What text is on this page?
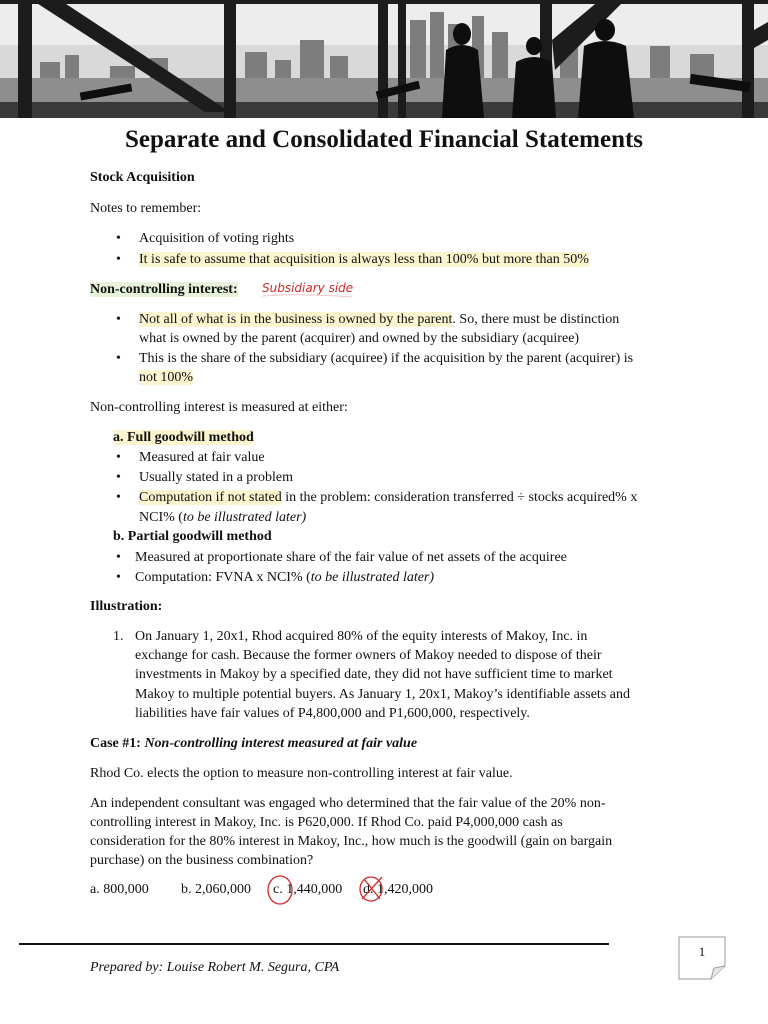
Separate and Consolidated Financial Statements
Stock Acquisition
Notes to remember:
• Acquisition of voting rights
• It is safe to assume that acquisition is always less than 100% but more than 50%
Non-controlling interest: Subsidiary side
• Not all of what is in the business is owned by the parent. So, there must be distinction
what is owned by the parent (acquirer) and owned by the subsidiary (acquiree)
• This is the share of the subsidiary (acquiree) if the acquisition by the parent (acquirer) is
not 100%
Non-controlling interest is measured at either:
a. Full goodwill method
• Measured at fair value
• Usually stated in a problem
• Computation if not stated in the problem: consideration transferred ÷ stocks acquired% x
NCI% (to be illustrated later)
b. Partial goodwill method
• Measured at proportionate share of the fair value of net assets of the acquiree
• Computation: FVNA x NCI% (to be illustrated later)
Illustration:
1. On January 1, 20x1, Rhod acquired 80% of the equity interests of Makoy, Inc. in
exchange for cash. Because the former owners of Makoy needed to dispose of their
investments in Makoy by a specified date, they did not have sufficient time to market
Makoy to multiple potential buyers. As January 1, 20x1, Makoy’s identifiable assets and
liabilities have fair values of P4,800,000 and P1,600,000, respectively.
Case #1: Non-controlling interest measured at fair value
Rhod Co. elects the option to measure non-controlling interest at fair value.
An independent consultant was engaged who determined that the fair value of the 20% non-
controlling interest in Makoy, Inc. is P620,000. If Rhod Co. paid P4,000,000 cash as
consideration for the 80% interest in Makoy, Inc., how much is the goodwill (gain on bargain
purchase) on the business combination?
a. 800,000 b. 2,060,000 c. 1,440,000 d. 1,420,000
Prepared by: Louise Robert M. Segura, CPA
1
